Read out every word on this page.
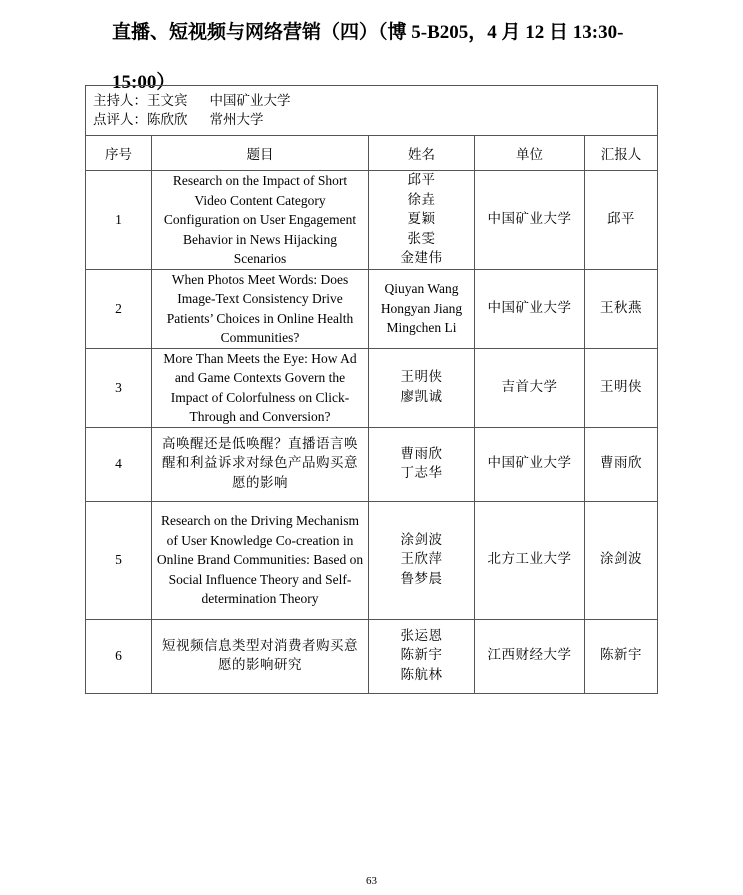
直播、短视频与网络营销（四）（博 5-B205，4 月 12 日 13:30-15:00）
主持人：王文宾 中国矿业大学
点评人：陈欣欣 常州大学				

序号	题目	姓名	单位	汇报人
1	Research on the Impact of Short Video Content Category Configuration on User Engagement Behavior in News Hijacking Scenarios	邱平
徐垚
夏颖
张雯
金建伟	中国矿业大学	邱平
2	When Photos Meet Words: Does Image-Text Consistency Drive Patients’ Choices in Online Health Communities?	Qiuyan Wang
Hongyan Jiang
Mingchen Li	中国矿业大学	王秋燕
3	More Than Meets the Eye: How Ad and Game Contexts Govern the Impact of Colorfulness on Click-Through and Conversion?	王明侠
廖凯诚	吉首大学	王明侠
4	高唤醒还是低唤醒？直播语言唤醒和利益诉求对绿色产品购买意愿的影响	曹雨欣
丁志华	中国矿业大学	曹雨欣
5	Research on the Driving Mechanism of User Knowledge Co-creation in Online Brand Communities: Based on Social Influence Theory and Self-determination Theory	涂剑波
王欣萍
鲁梦晨	北方工业大学	涂剑波
6	短视频信息类型对消费者购买意愿的影响研究	张运恩
陈新宇
陈航林	江西财经大学	陈新宇
63
